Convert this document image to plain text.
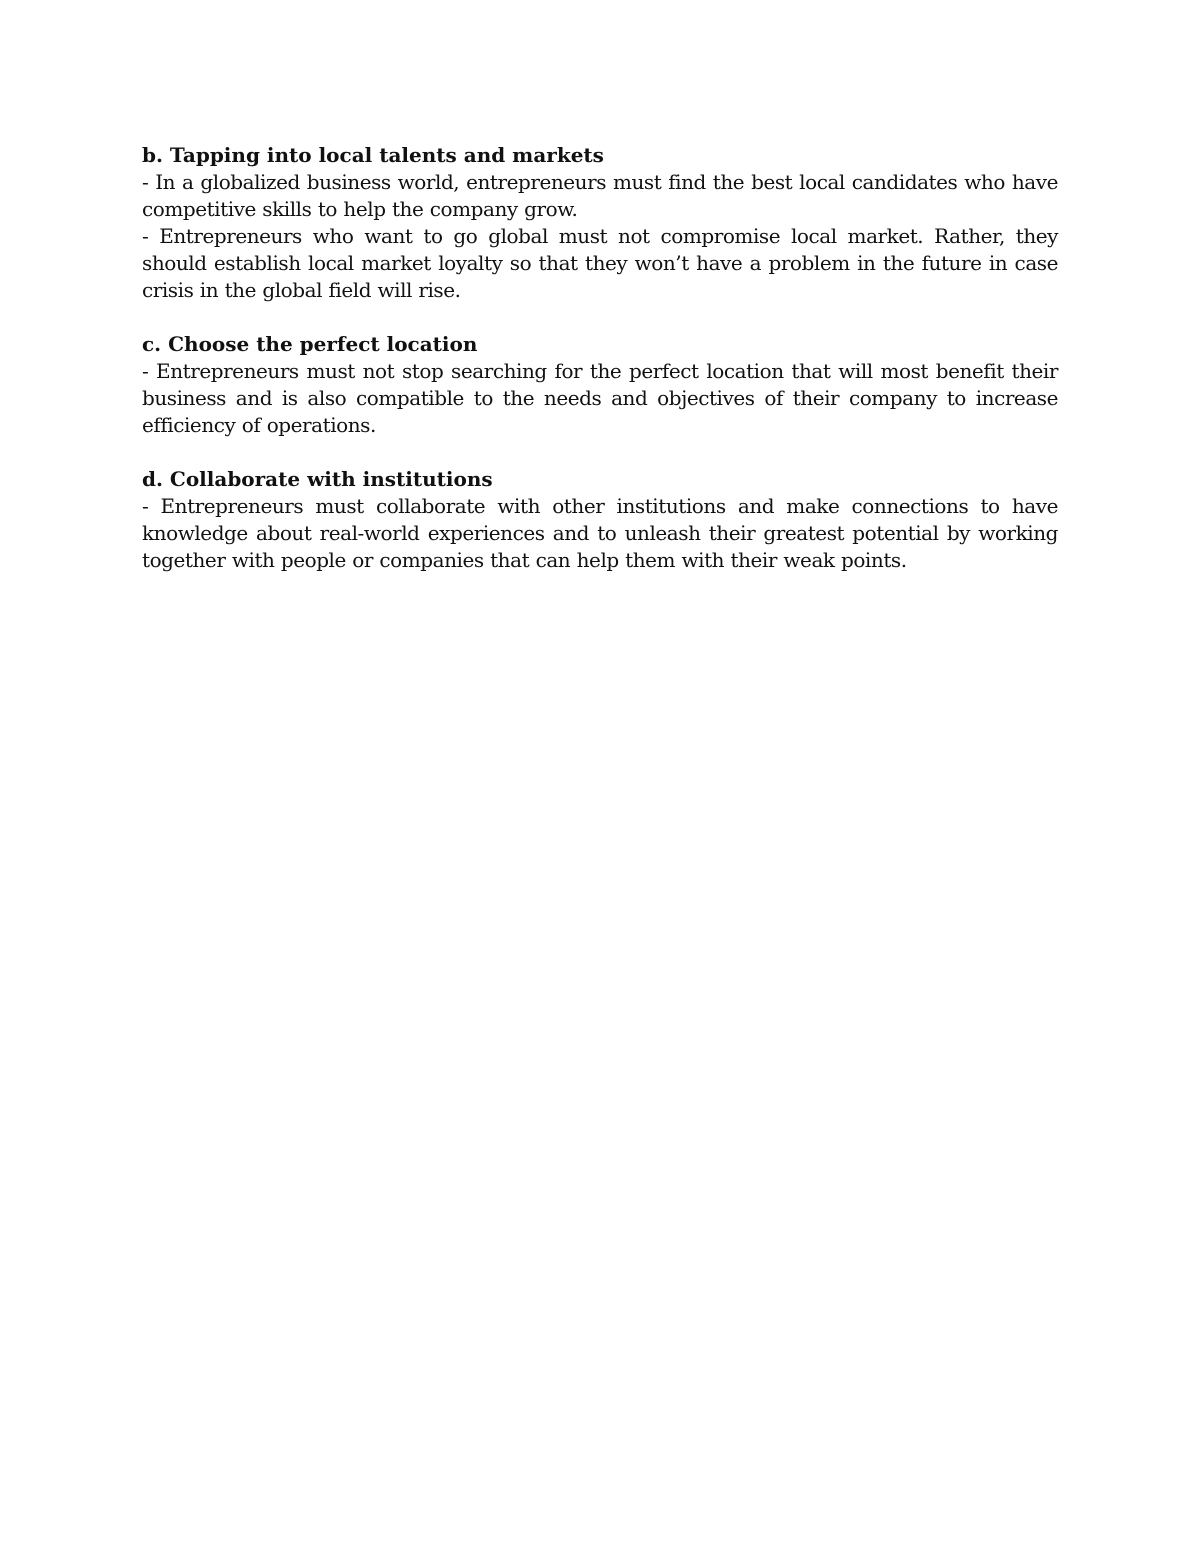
b. Tapping into local talents and markets

- In a globalized business world, entrepreneurs must find the best local candidates who have competitive skills to help the company grow.

- Entrepreneurs who want to go global must not compromise local market. Rather, they should establish local market loyalty so that they won’t have a problem in the future in case crisis in the global field will rise.

c. Choose the perfect location

- Entrepreneurs must not stop searching for the perfect location that will most benefit their business and is also compatible to the needs and objectives of their company to increase efficiency of operations.

d. Collaborate with institutions

- Entrepreneurs must collaborate with other institutions and make connections to have knowledge about real-world experiences and to unleash their greatest potential by working together with people or companies that can help them with their weak points.
